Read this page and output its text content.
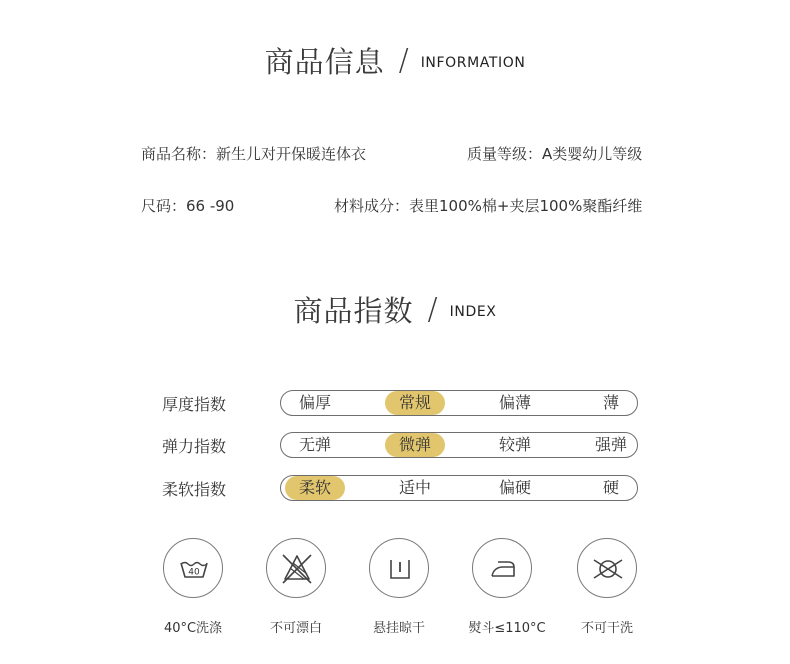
商品信息 / INFORMATION
商品名称：新生儿对开保暖连体衣	质量等级：A类婴幼儿等级
尺码：66 -90	材料成分：表里100%棉+夹层100%聚酯纤维
商品指数 / INDEX
厚度指数	偏厚	常规	偏薄	薄
弹力指数	无弹	微弹	较弹	强弹
柔软指数	柔软	适中	偏硬	硬
40
40°C洗涤	不可漂白	悬挂晾干	熨斗≤110°C	不可干洗
